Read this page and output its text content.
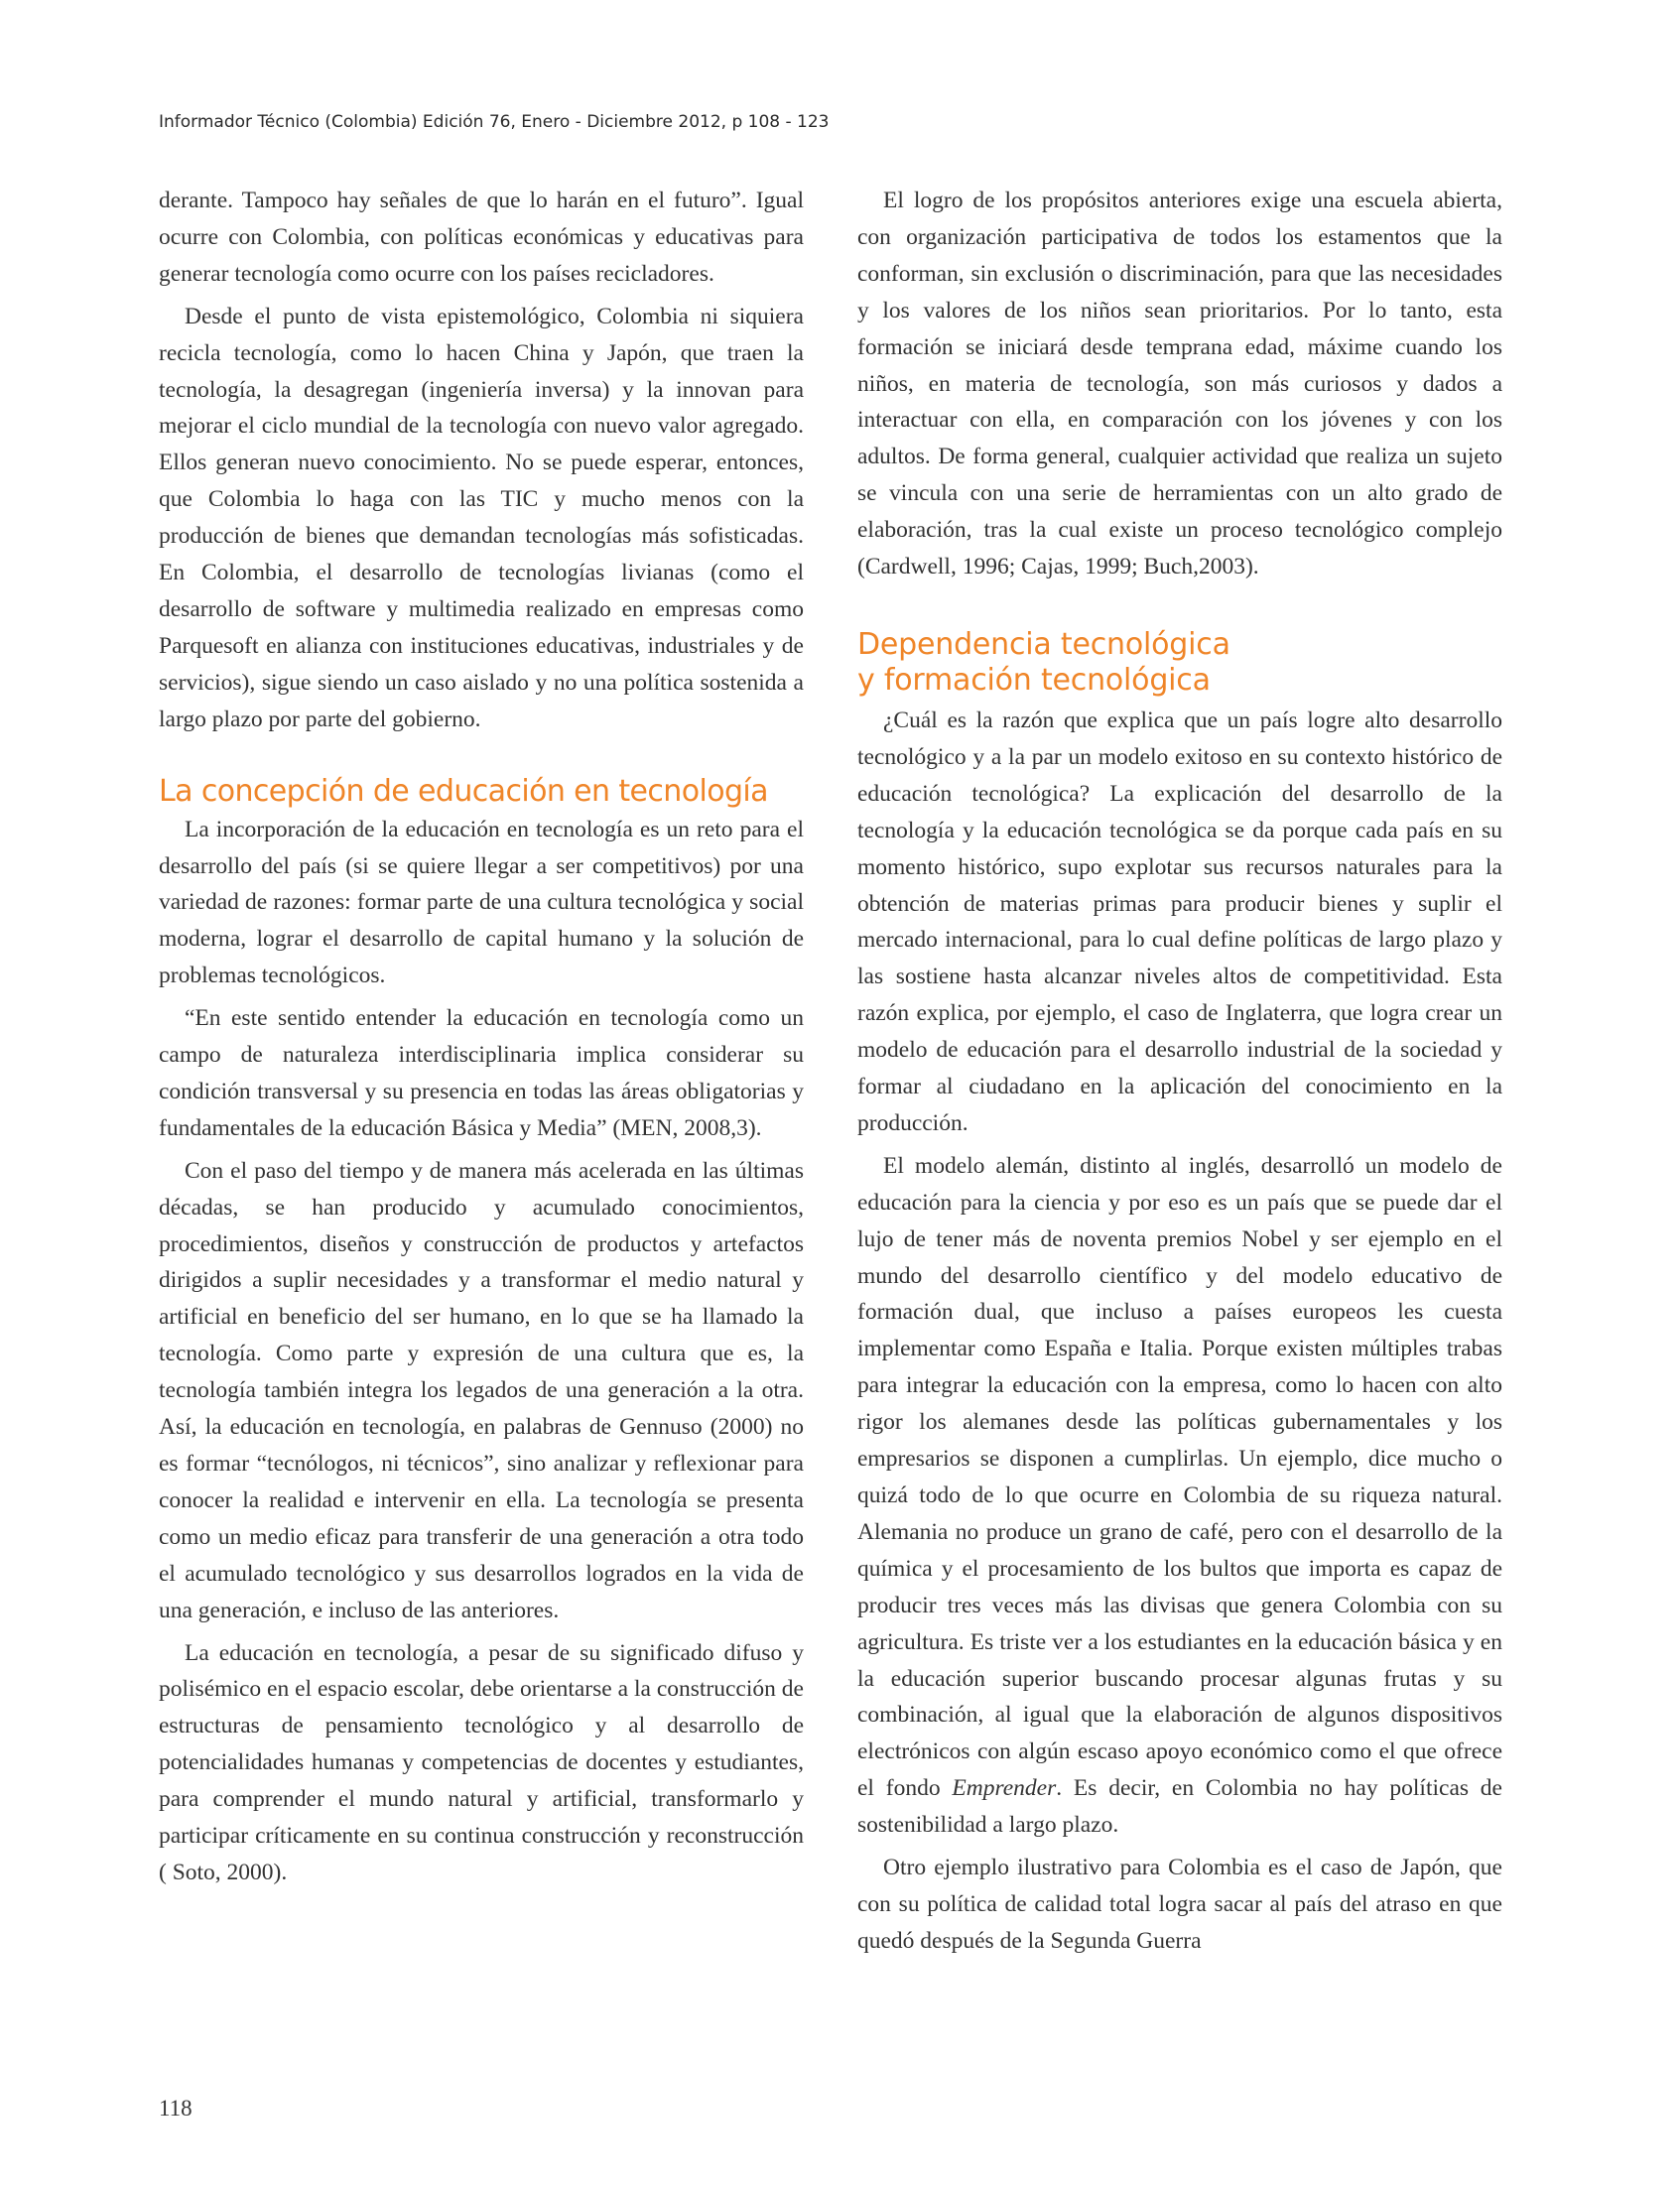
Informador Técnico (Colombia) Edición 76, Enero - Diciembre 2012, p 108 - 123

derante. Tampoco hay señales de que lo harán en el futuro”. Igual ocurre con Colombia, con políticas económicas y educativas para generar tecnología como ocurre con los países recicladores.

Desde el punto de vista epistemológico, Colombia ni siquiera recicla tecnología, como lo hacen China y Japón, que traen la tecnología, la desagregan (ingeniería inversa) y la innovan para mejorar el ciclo mundial de la tecnología con nuevo valor agregado. Ellos generan nuevo conocimiento. No se puede esperar, entonces, que Colombia lo haga con las TIC y mucho menos con la producción de bienes que demandan tecnologías más sofisticadas. En Colombia, el desarrollo de tecnologías livianas (como el desarrollo de software y multimedia realizado en empresas como Parquesoft en alianza con instituciones educativas, industriales y de servicios), sigue siendo un caso aislado y no una política sostenida a largo plazo por parte del gobierno.

La concepción de educación en tecnología

La incorporación de la educación en tecnología es un reto para el desarrollo del país (si se quiere llegar a ser competitivos) por una variedad de razones: formar parte de una cultura tecnológica y social moderna, lograr el desarrollo de capital humano y la solución de problemas tecnológicos.

“En este sentido entender la educación en tecnología como un campo de naturaleza interdisciplinaria implica considerar su condición transversal y su presencia en todas las áreas obligatorias y fundamentales de la educación Básica y Media” (MEN, 2008,3).

Con el paso del tiempo y de manera más acelerada en las últimas décadas, se han producido y acumulado conocimientos, procedimientos, diseños y construcción de productos y artefactos dirigidos a suplir necesidades y a transformar el medio natural y artificial en beneficio del ser humano, en lo que se ha llamado la tecnología. Como parte y expresión de una cultura que es, la tecnología también integra los legados de una generación a la otra. Así, la educación en tecnología, en palabras de Gennuso (2000) no es formar “tecnólogos, ni técnicos”, sino analizar y reflexionar para conocer la realidad e intervenir en ella. La tecnología se presenta como un medio eficaz para transferir de una generación a otra todo el acumulado tecnológico y sus desarrollos logrados en la vida de una generación, e incluso de las anteriores.

La educación en tecnología, a pesar de su significado difuso y polisémico en el espacio escolar, debe orientarse a la construcción de estructuras de pensamiento tecnológico y al desarrollo de potencialidades humanas y competencias de docentes y estudiantes, para comprender el mundo natural y artificial, transformarlo y participar críticamente en su continua construcción y reconstrucción ( Soto, 2000).

El logro de los propósitos anteriores exige una escuela abierta, con organización participativa de todos los estamentos que la conforman, sin exclusión o discriminación, para que las necesidades y los valores de los niños sean prioritarios. Por lo tanto, esta formación se iniciará desde temprana edad, máxime cuando los niños, en materia de tecnología, son más curiosos y dados a interactuar con ella, en comparación con los jóvenes y con los adultos. De forma general, cualquier actividad que realiza un sujeto se vincula con una serie de herramientas con un alto grado de elaboración, tras la cual existe un proceso tecnológico complejo (Cardwell, 1996; Cajas, 1999; Buch,2003).

Dependencia tecnológica
y formación tecnológica

¿Cuál es la razón que explica que un país logre alto desarrollo tecnológico y a la par un modelo exitoso en su contexto histórico de educación tecnológica? La explicación del desarrollo de la tecnología y la educación tecnológica se da porque cada país en su momento histórico, supo explotar sus recursos naturales para la obtención de materias primas para producir bienes y suplir el mercado internacional, para lo cual define políticas de largo plazo y las sostiene hasta alcanzar niveles altos de competitividad. Esta razón explica, por ejemplo, el caso de Inglaterra, que logra crear un modelo de educación para el desarrollo industrial de la sociedad y formar al ciudadano en la aplicación del conocimiento en la producción.

El modelo alemán, distinto al inglés, desarrolló un modelo de educación para la ciencia y por eso es un país que se puede dar el lujo de tener más de noventa premios Nobel y ser ejemplo en el mundo del desarrollo científico y del modelo educativo de formación dual, que incluso a países europeos les cuesta implementar como España e Italia. Porque existen múltiples trabas para integrar la educación con la empresa, como lo hacen con alto rigor los alemanes desde las políticas gubernamentales y los empresarios se disponen a cumplirlas. Un ejemplo, dice mucho o quizá todo de lo que ocurre en Colombia de su riqueza natural. Alemania no produce un grano de café, pero con el desarrollo de la química y el procesamiento de los bultos que importa es capaz de producir tres veces más las divisas que genera Colombia con su agricultura. Es triste ver a los estudiantes en la educación básica y en la educación superior buscando procesar algunas frutas y su combinación, al igual que la elaboración de algunos dispositivos electrónicos con algún escaso apoyo económico como el que ofrece el fondo Emprender. Es decir, en Colombia no hay políticas de sostenibilidad a largo plazo.

Otro ejemplo ilustrativo para Colombia es el caso de Japón, que con su política de calidad total logra sacar al país del atraso en que quedó después de la Segunda Guerra

118
